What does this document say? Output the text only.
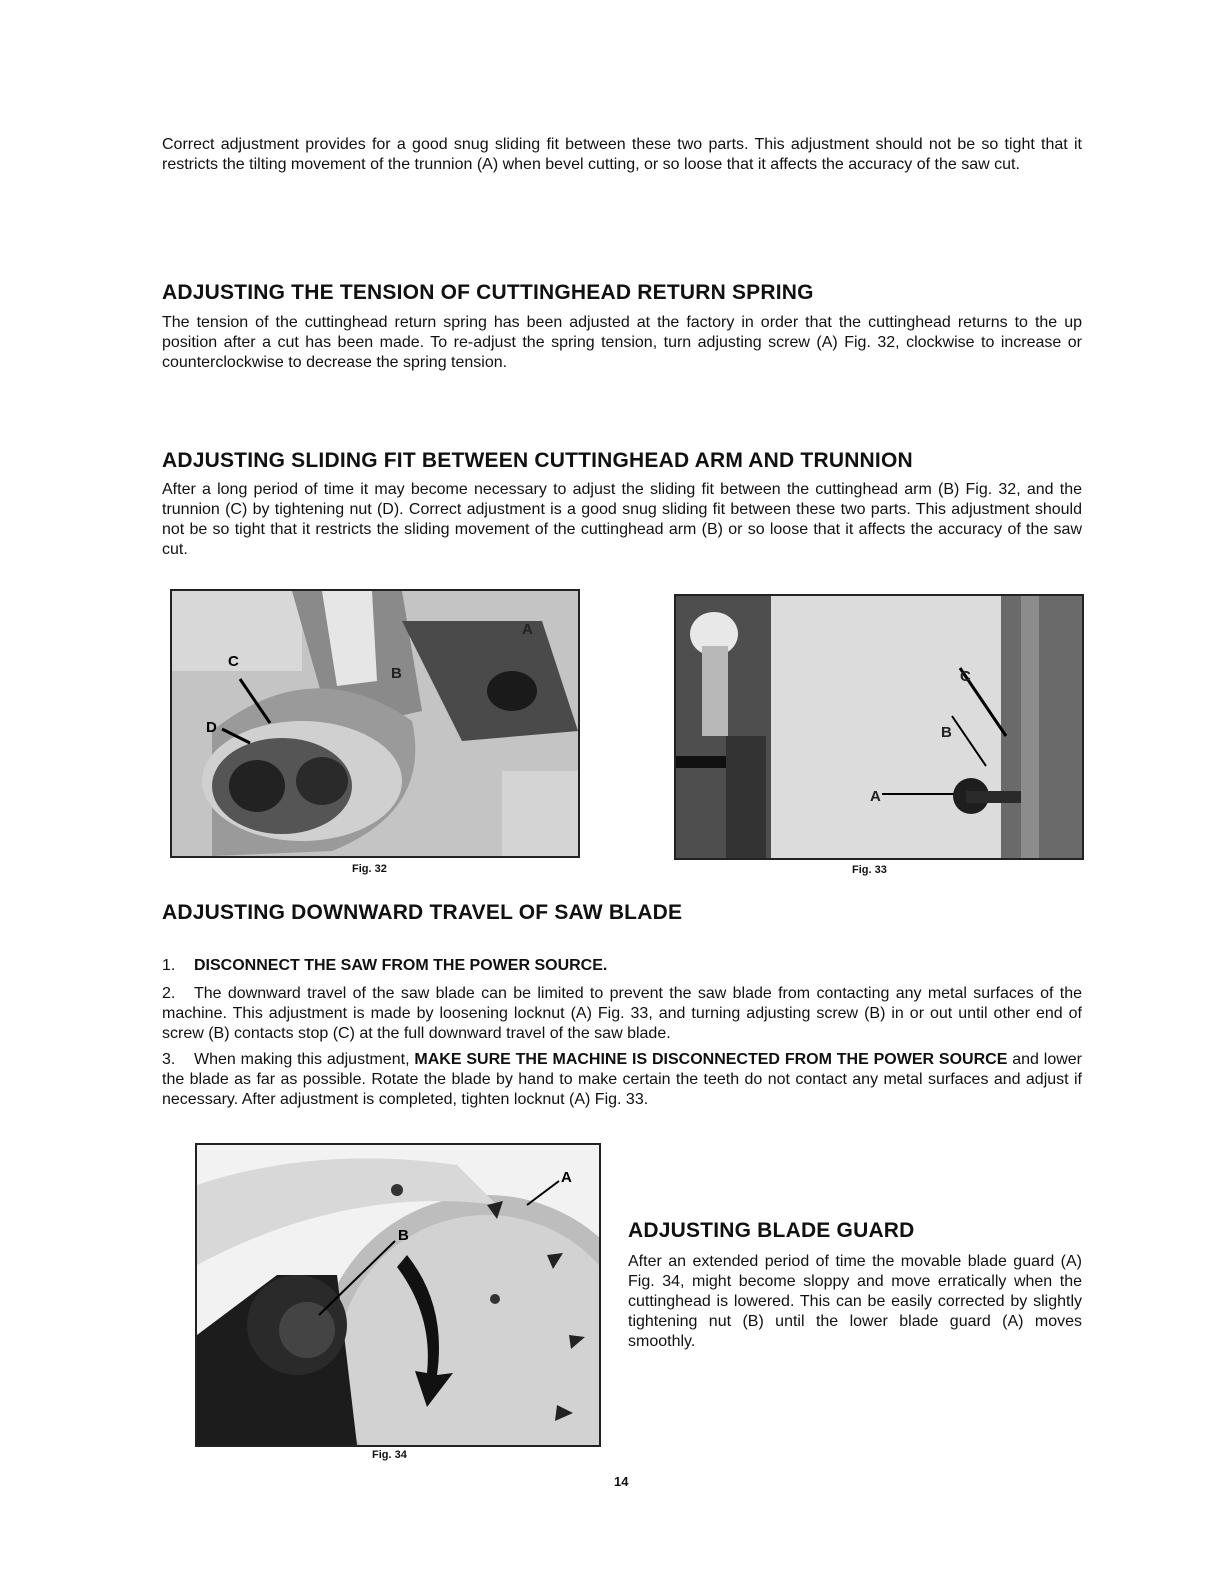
Correct adjustment provides for a good snug sliding fit between these two parts. This adjustment should not be so tight that it restricts the tilting movement of the trunnion (A) when bevel cutting, or so loose that it affects the accuracy of the saw cut.
ADJUSTING THE TENSION OF CUTTINGHEAD RETURN SPRING
The tension of the cuttinghead return spring has been adjusted at the factory in order that the cuttinghead returns to the up position after a cut has been made. To re-adjust the spring tension, turn adjusting screw (A) Fig. 32, clockwise to increase or counterclockwise to decrease the spring tension.
ADJUSTING SLIDING FIT BETWEEN CUTTINGHEAD ARM AND TRUNNION
After a long period of time it may become necessary to adjust the sliding fit between the cuttinghead arm (B) Fig. 32, and the trunnion (C) by tightening nut (D). Correct adjustment is a good snug sliding fit between these two parts. This adjustment should not be so tight that it restricts the sliding movement of the cuttinghead arm (B) or so loose that it affects the accuracy of the saw cut.
C
D
B
A
Fig. 32
C
B
A
Fig. 33
ADJUSTING DOWNWARD TRAVEL OF SAW BLADE
1. DISCONNECT THE SAW FROM THE POWER SOURCE.
2. The downward travel of the saw blade can be limited to prevent the saw blade from contacting any metal surfaces of the machine. This adjustment is made by loosening locknut (A) Fig. 33, and turning adjusting screw (B) in or out until other end of screw (B) contacts stop (C) at the full downward travel of the saw blade.
3. When making this adjustment, MAKE SURE THE MACHINE IS DISCONNECTED FROM THE POWER SOURCE and lower the blade as far as possible. Rotate the blade by hand to make certain the teeth do not contact any metal surfaces and adjust if necessary. After adjustment is completed, tighten locknut (A) Fig. 33.
B
A
Fig. 34
ADJUSTING BLADE GUARD
After an extended period of time the movable blade guard (A) Fig. 34, might become sloppy and move erratically when the cuttinghead is lowered. This can be easily corrected by slightly tightening nut (B) until the lower blade guard (A) moves smoothly.
14
